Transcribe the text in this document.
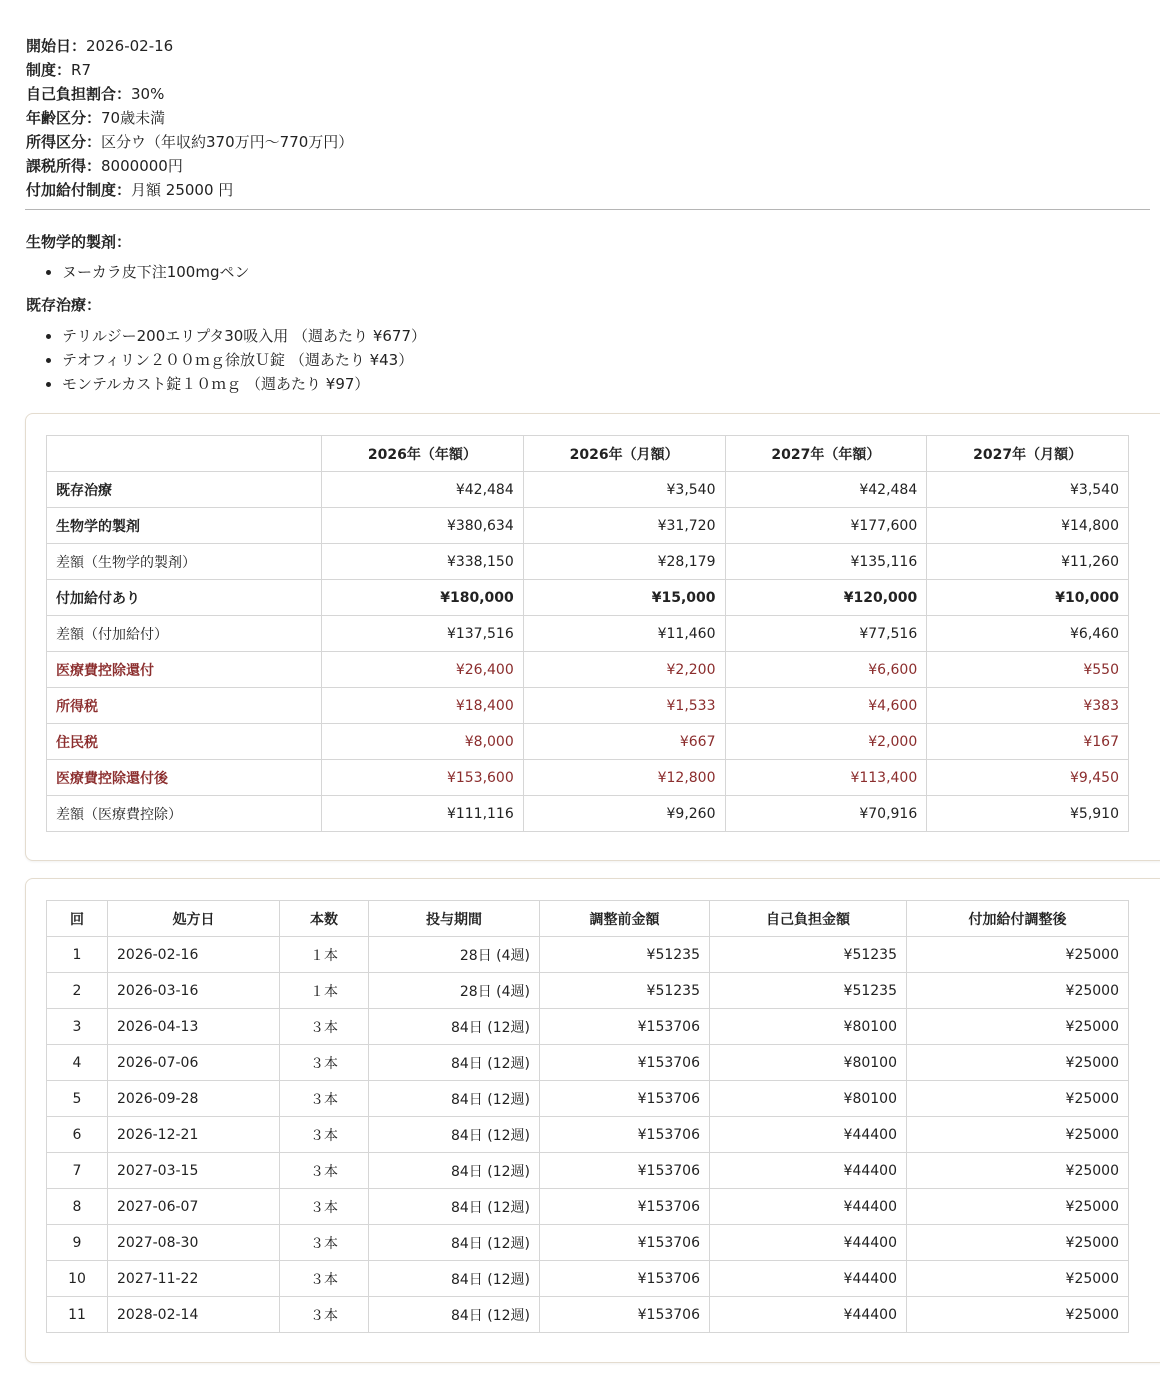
開始日：2026-02-16
制度：R7
自己負担割合：30%
年齢区分：70歳未満
所得区分：区分ウ（年収約370万円〜770万円）
課税所得：8000000円
付加給付制度：月額 25000 円
生物学的製剤：
• ヌーカラ皮下注100mgペン
既存治療：
• テリルジー200エリプタ30吸入用 （週あたり ¥677）
• テオフィリン２００ｍｇ徐放Ｕ錠 （週あたり ¥43）
• モンテルカスト錠１０ｍｇ （週あたり ¥97）
	2026年（年額）	2026年（月額）	2027年（年額）	2027年（月額）
既存治療	¥42,484	¥3,540	¥42,484	¥3,540
生物学的製剤	¥380,634	¥31,720	¥177,600	¥14,800
差額（生物学的製剤）	¥338,150	¥28,179	¥135,116	¥11,260
付加給付あり	¥180,000	¥15,000	¥120,000	¥10,000
差額（付加給付）	¥137,516	¥11,460	¥77,516	¥6,460
医療費控除還付	¥26,400	¥2,200	¥6,600	¥550
所得税	¥18,400	¥1,533	¥4,600	¥383
住民税	¥8,000	¥667	¥2,000	¥167
医療費控除還付後	¥153,600	¥12,800	¥113,400	¥9,450
差額（医療費控除）	¥111,116	¥9,260	¥70,916	¥5,910
回	処方日	本数	投与期間	調整前金額	自己負担金額	付加給付調整後
1	2026-02-16	１本	28日 (4週)	¥51235	¥51235	¥25000
2	2026-03-16	１本	28日 (4週)	¥51235	¥51235	¥25000
3	2026-04-13	３本	84日 (12週)	¥153706	¥80100	¥25000
4	2026-07-06	３本	84日 (12週)	¥153706	¥80100	¥25000
5	2026-09-28	３本	84日 (12週)	¥153706	¥80100	¥25000
6	2026-12-21	３本	84日 (12週)	¥153706	¥44400	¥25000
7	2027-03-15	３本	84日 (12週)	¥153706	¥44400	¥25000
8	2027-06-07	３本	84日 (12週)	¥153706	¥44400	¥25000
9	2027-08-30	３本	84日 (12週)	¥153706	¥44400	¥25000
10	2027-11-22	３本	84日 (12週)	¥153706	¥44400	¥25000
11	2028-02-14	３本	84日 (12週)	¥153706	¥44400	¥25000
